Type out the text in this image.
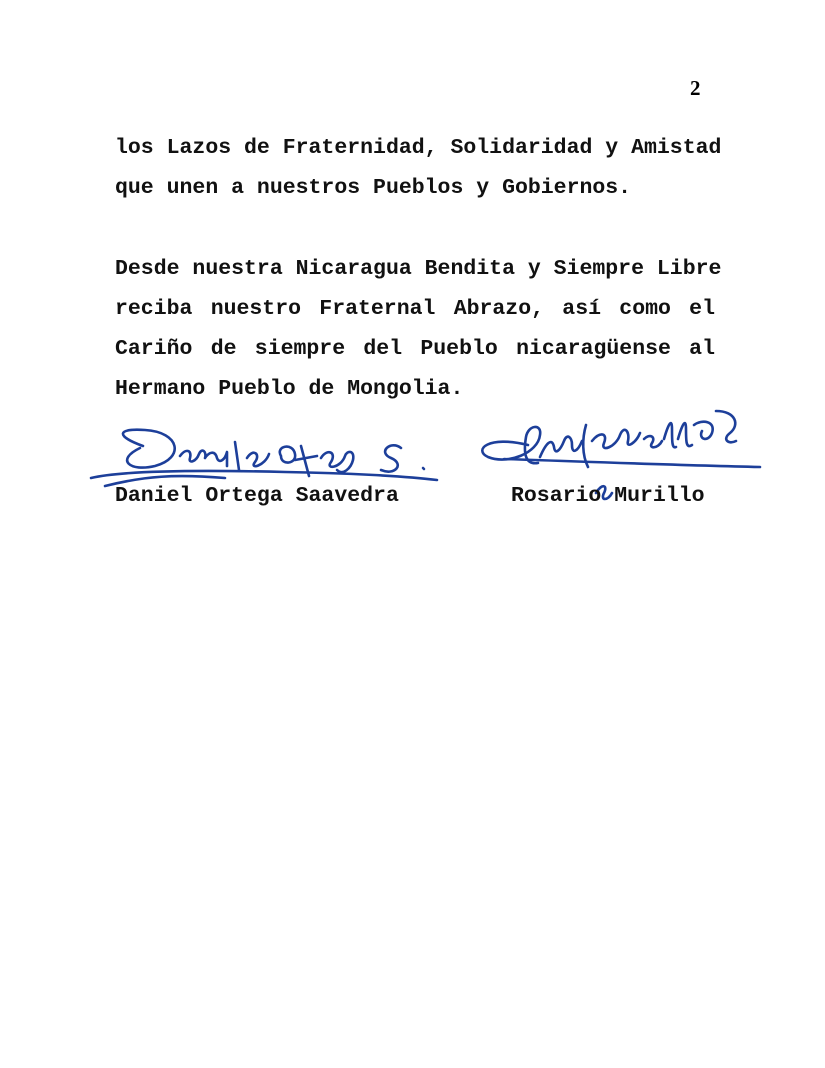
2
los Lazos de Fraternidad, Solidaridad y Amistad
que unen a nuestros Pueblos y Gobiernos.
Desde nuestra Nicaragua Bendita y Siempre Libre
reciba nuestro Fraternal Abrazo, así como el
Cariño de siempre del Pueblo nicaragüense al
Hermano Pueblo de Mongolia.
Daniel Ortega Saavedra	Rosario Murillo
